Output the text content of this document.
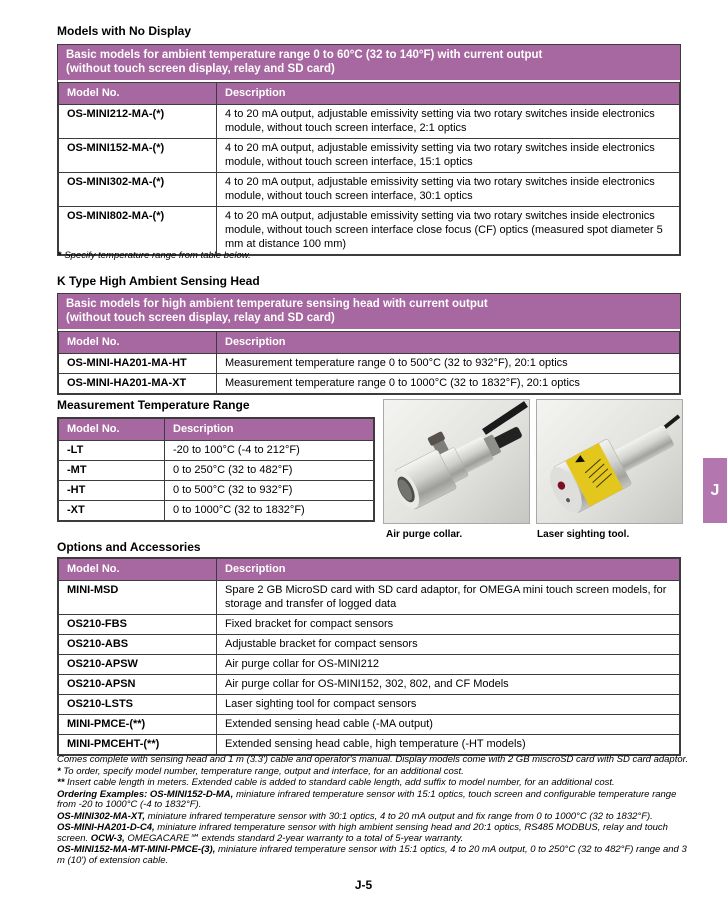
Models with No Display
Basic models for ambient temperature range 0 to 60°C (32 to 140°F) with current output
(without touch screen display, relay and SD card)
Model No.	Description
OS-MINI212-MA-(*)	4 to 20 mA output, adjustable emissivity setting via two rotary switches inside electronics module, without touch screen interface, 2:1 optics
OS-MINI152-MA-(*)	4 to 20 mA output, adjustable emissivity setting via two rotary switches inside electronics module, without touch screen interface, 15:1 optics
OS-MINI302-MA-(*)	4 to 20 mA output, adjustable emissivity setting via two rotary switches inside electronics module, without touch screen interface, 30:1 optics
OS-MINI802-MA-(*)	4 to 20 mA output, adjustable emissivity setting via two rotary switches inside electronics module, without touch screen interface close focus (CF) optics (measured spot diameter 5 mm at distance 100 mm)
* Specify temperature range from table below.
K Type High Ambient Sensing Head
Basic models for high ambient temperature sensing head with current output
(without touch screen display, relay and SD card)
Model No.	Description
OS-MINI-HA201-MA-HT	Measurement temperature range 0 to 500°C (32 to 932°F), 20:1 optics
OS-MINI-HA201-MA-XT	Measurement temperature range 0 to 1000°C (32 to 1832°F), 20:1 optics
Measurement Temperature Range
Model No.	Description
-LT	-20 to 100°C (-4 to 212°F)
-MT	0 to 250°C (32 to 482°F)
-HT	0 to 500°C (32 to 932°F)
-XT	0 to 1000°C (32 to 1832°F)
Air purge collar.	Laser sighting tool.
Options and Accessories
Model No.	Description
MINI-MSD	Spare 2 GB MicroSD card with SD card adaptor, for OMEGA mini touch screen models, for storage and transfer of logged data
OS210-FBS	Fixed bracket for compact sensors
OS210-ABS	Adjustable bracket for compact sensors
OS210-APSW	Air purge collar for OS-MINI212
OS210-APSN	Air purge collar for OS-MINI152, 302, 802, and CF Models
OS210-LSTS	Laser sighting tool for compact sensors
MINI-PMCE-(**)	Extended sensing head cable (-MA output)
MINI-PMCEHT-(**)	Extended sensing head cable, high temperature (-HT models)

Comes complete with sensing head and 1 m (3.3') cable and operator's manual. Display models come with 2 GB miscroSD card with SD card adaptor.

* To order, specify model number, temperature range, output and interface, for an additional cost.

** Insert cable length in meters. Extended cable is added to standard cable length, add suffix to model number, for an additional cost.

Ordering Examples: OS-MINI152-D-MA, miniature infrared temperature sensor with 15:1 optics, touch screen and configurable temperature range from -20 to 1000°C (-4 to 1832°F).

OS-MINI302-MA-XT, miniature infrared temperature sensor with 30:1 optics, 4 to 20 mA output and fix range from 0 to 1000°C (32 to 1832°F).

OS-MINI-HA201-D-C4, miniature infrared temperature sensor with high ambient sensing head and 20:1 optics, RS485 MODBUS, relay and touch screen. OCW-3, OMEGACARE℠ extends standard 2-year warranty to a total of 5-year warranty.

OS-MINI152-MA-MT-MINI-PMCE-(3), miniature infrared temperature sensor with 15:1 optics, 4 to 20 mA output, 0 to 250°C (32 to 482°F) range and 3 m (10') of extension cable.

J-5
J
